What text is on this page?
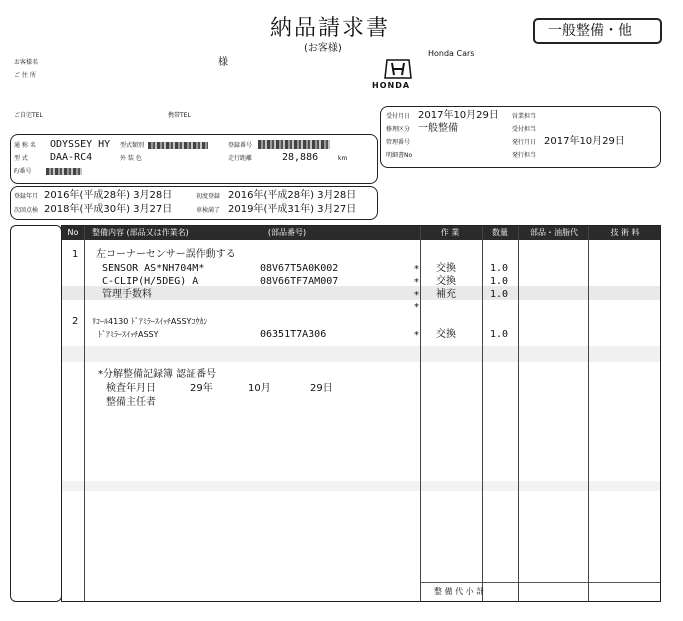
納品請求書
(お客様)
一般整備・他
Honda Cars
HONDA
お客様名
ご 住 所
様
ご自宅TEL	携帯TEL
通 称 名 ODYSSEY HY 型式類別	登録番号
型 式 DAA-RC4	外 装 色	走行距離	28,886	km
F/番号
登録年月 2016年(平成28年) 3月28日	初度登録 2016年(平成28年) 3月28日
次回点検 2018年(平成30年) 3月27日	車検満了 2019年(平成31年) 3月27日
受付月日 2017年10月29日 営業担当
修理区分 一般整備	受付担当
管理番号	発行月日 2017年10月29日
明細書No	発行担当
No	整備内容 (部品又は作業名)	(部品番号)	作 業	数量	部品・油脂代	技 術 料
1 左コーナーセンサー誤作動する
SENSOR AS*NH704M*	08V67T5A0K002	* 交換	1.0
C-CLIP(H/5DEG) A	08V66TF7AM007	* 交換	1.0
管理手数料	* 補充	1.0
*
2 ﾘｺｰﾙ4130 ﾄﾞｱﾐﾗｰｽｲｯﾁASSYｺｳｶﾝ
ﾄﾞｱﾐﾗｰｽｲｯﾁASSY	06351T7A306	* 交換	1.0
*分解整備記録簿 認証番号
検査年月日	29年	10月	29日
整備主任者
整 備 代 小 計
